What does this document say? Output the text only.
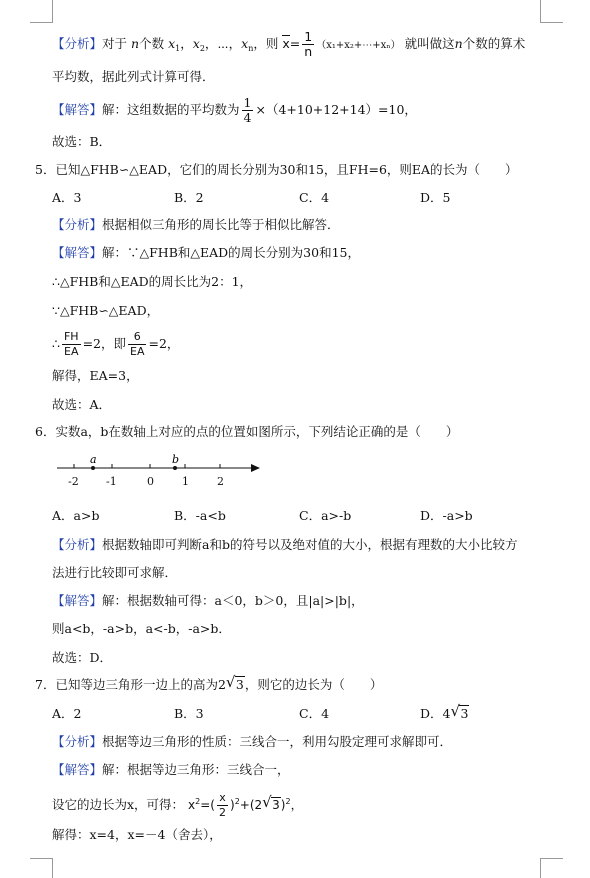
【分析】对于 n个数 $x_1$，$x_2$，⋯，$x_n$，则 $x= \frac{1}{n}$ （x₁+x₂+⋯+xₙ） 就叫做这n个数的算术
平均数，据此列式计算可得．
【解答】解：这组数据的平均数为 $\frac{1}{4} \times(4+10+12+14)=10$，
故选：B．
5．已知△FHB∽△EAD，它们的周长分别为30和15，且FH=6，则EA的长为（　　）
A．3	B．2	C．4	D．5
【分析】根据相似三角形的周长比等于相似比解答．
【解答】解：∵△FHB和△EAD的周长分别为30和15，
∴△FHB和△EAD的周长比为2：1，
∵△FHB∽△EAD，
∴ $\frac{FH}{EA} =2$，即 $\frac{6}{EA} =2$，
解得，EA=3，
故选：A．
6．实数a，b在数轴上对应的点的位置如图所示，下列结论正确的是（　　）
-2 -1	0	1	2
a	b
A．a>b	B．-a<b	C．a>-b	D．-a>b
【分析】根据数轴即可判断a和b的符号以及绝对值的大小，根据有理数的大小比较方
法进行比较即可求解．
【解答】解：根据数轴可得：a＜0，b＞0，且|a|>|b|，
则a<b，-a>b，a<-b，-a>b．
故选：D．
7．已知等边三角形一边上的高为2 √ 3，则它的边长为（　　）
A．2	B．3	C．4	D．4 √ 3
【分析】根据等边三角形的性质：三线合一，利用勾股定理可求解即可．
【解答】解：根据等边三角形：三线合一，
设它的边长为x，可得： $x^2=( \frac{x}{2} )^2+(2$ √ 3)$^2$，
解得：x=4，x=－4（舍去），
